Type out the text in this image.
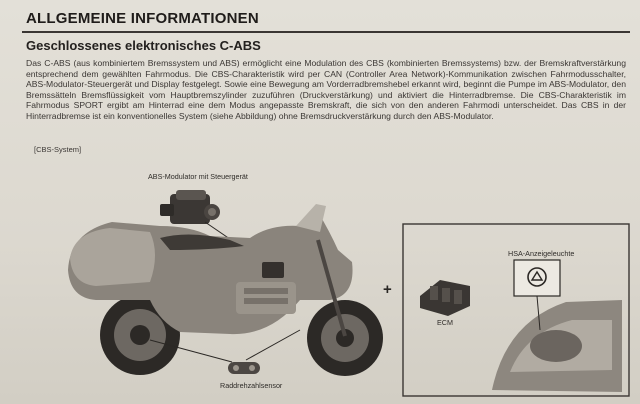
ALLGEMEINE INFORMATIONEN
Geschlossenes elektronisches C-ABS
Das C-ABS (aus kombiniertem Bremssystem und ABS) ermöglicht eine Modulation des CBS (kombinierten Bremssystems) bzw. der Bremskraftverstärkung entsprechend dem gewählten Fahrmodus. Die CBS-Charakteristik wird per CAN (Controller Area Network)-Kommunikation zwischen Fahrmodusschalter, ABS-Modulator-Steuergerät und Display festgelegt. Sowie eine Bewegung am Vorderradbremshebel erkannt wird, beginnt die Pumpe im ABS-Modulator, den Bremssätteln Bremsflüssigkeit vom Hauptbremszylinder zuzuführen (Druckverstärkung) und aktiviert die Hinterradbremse. Die CBS-Charakteristik im Fahrmodus SPORT ergibt am Hinterrad eine dem Modus angepasste Bremskraft, die sich von den anderen Fahrmodi unterscheidet. Das CBS in der Hinterradbremse ist ein konventionelles System (siehe Abbildung) ohne Bremsdruckverstärkung durch den ABS-Modulator.
[CBS-System]
ABS-Modulator mit Steuergerät
Raddrehzahlsensor
HSA-Anzeigeleuchte
ECM
+
